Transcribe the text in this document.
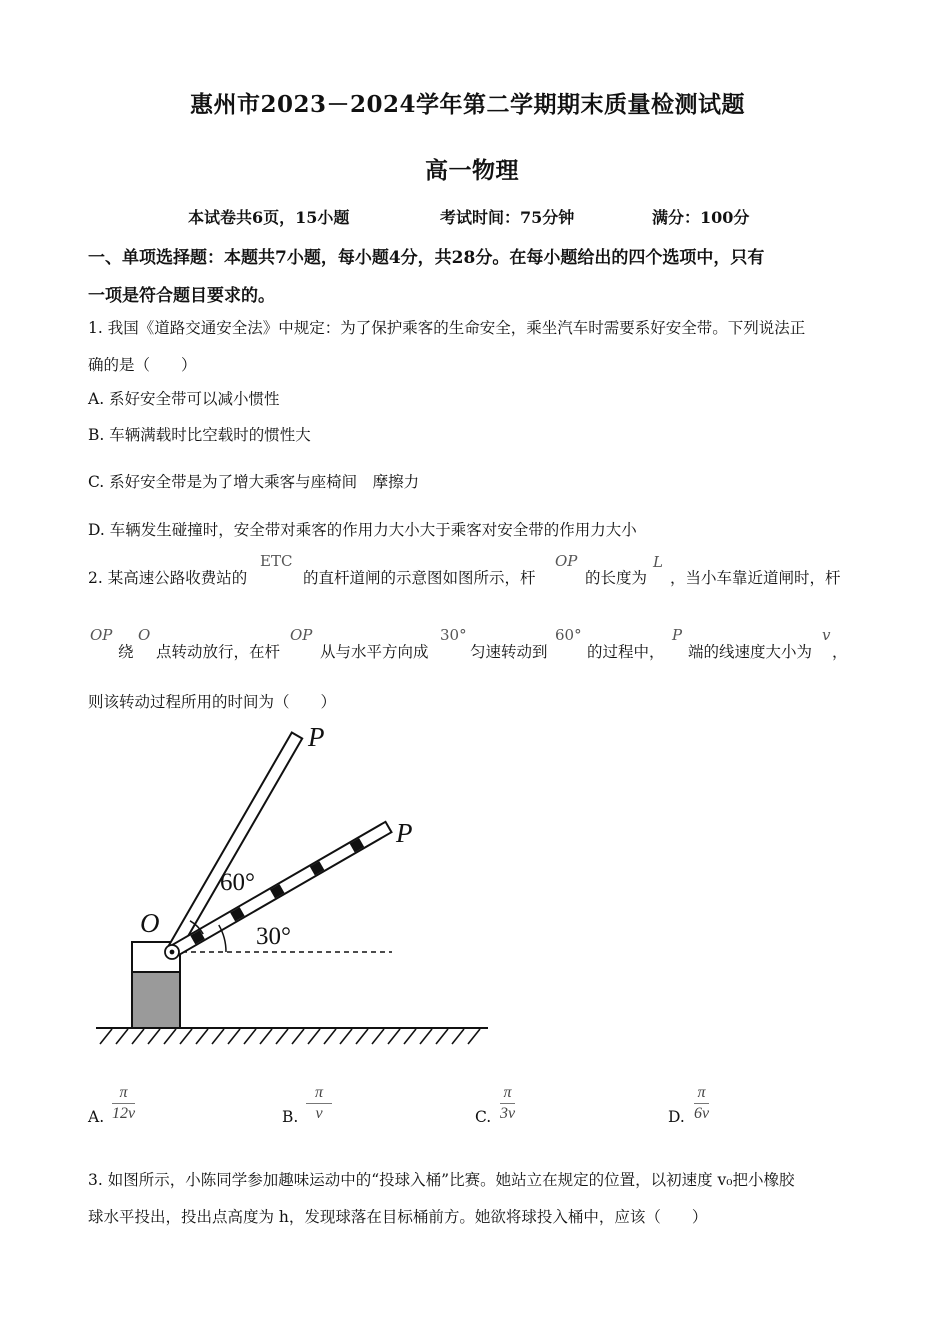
惠州市2023－2024学年第二学期期末质量检测试题
高一物理
本试卷共6页，15小题	考试时间：75分钟	满分：100分
一、单项选择题：本题共7小题，每小题4分，共28分。在每小题给出的四个选项中，只有
一项是符合题目要求的。
1. 我国《道路交通安全法》中规定：为了保护乘客的生命安全，乘坐汽车时需要系好安全带。下列说法正
确的是（　　）
A. 系好安全带可以减小惯性
B. 车辆满载时比空载时的惯性大
C. 系好安全带是为了增大乘客与座椅间　摩擦力
D. 车辆发生碰撞时，安全带对乘客的作用力大小大于乘客对安全带的作用力大小
2. 某高速公路收费站的
ETC
的直杆道闸的示意图如图所示，杆
OP
的长度为
L
，当小车靠近道闸时，杆
OP
绕
O
点转动放行，在杆
OP
从与水平方向成
30°
匀速转动到
60°
的过程中，
P
端的线速度大小为
v
，
则该转动过程所用的时间为（　　）
P
P
O
60°
30°
A.
π
12v	B.
π
v	C.
π
3v	D.
π
6v
3. 如图所示，小陈同学参加趣味运动中的“投球入桶”比赛。她站立在规定的位置，以初速度 v₀把小橡胶
球水平投出，投出点高度为 h，发现球落在目标桶前方。她欲将球投入桶中，应该（　　）
